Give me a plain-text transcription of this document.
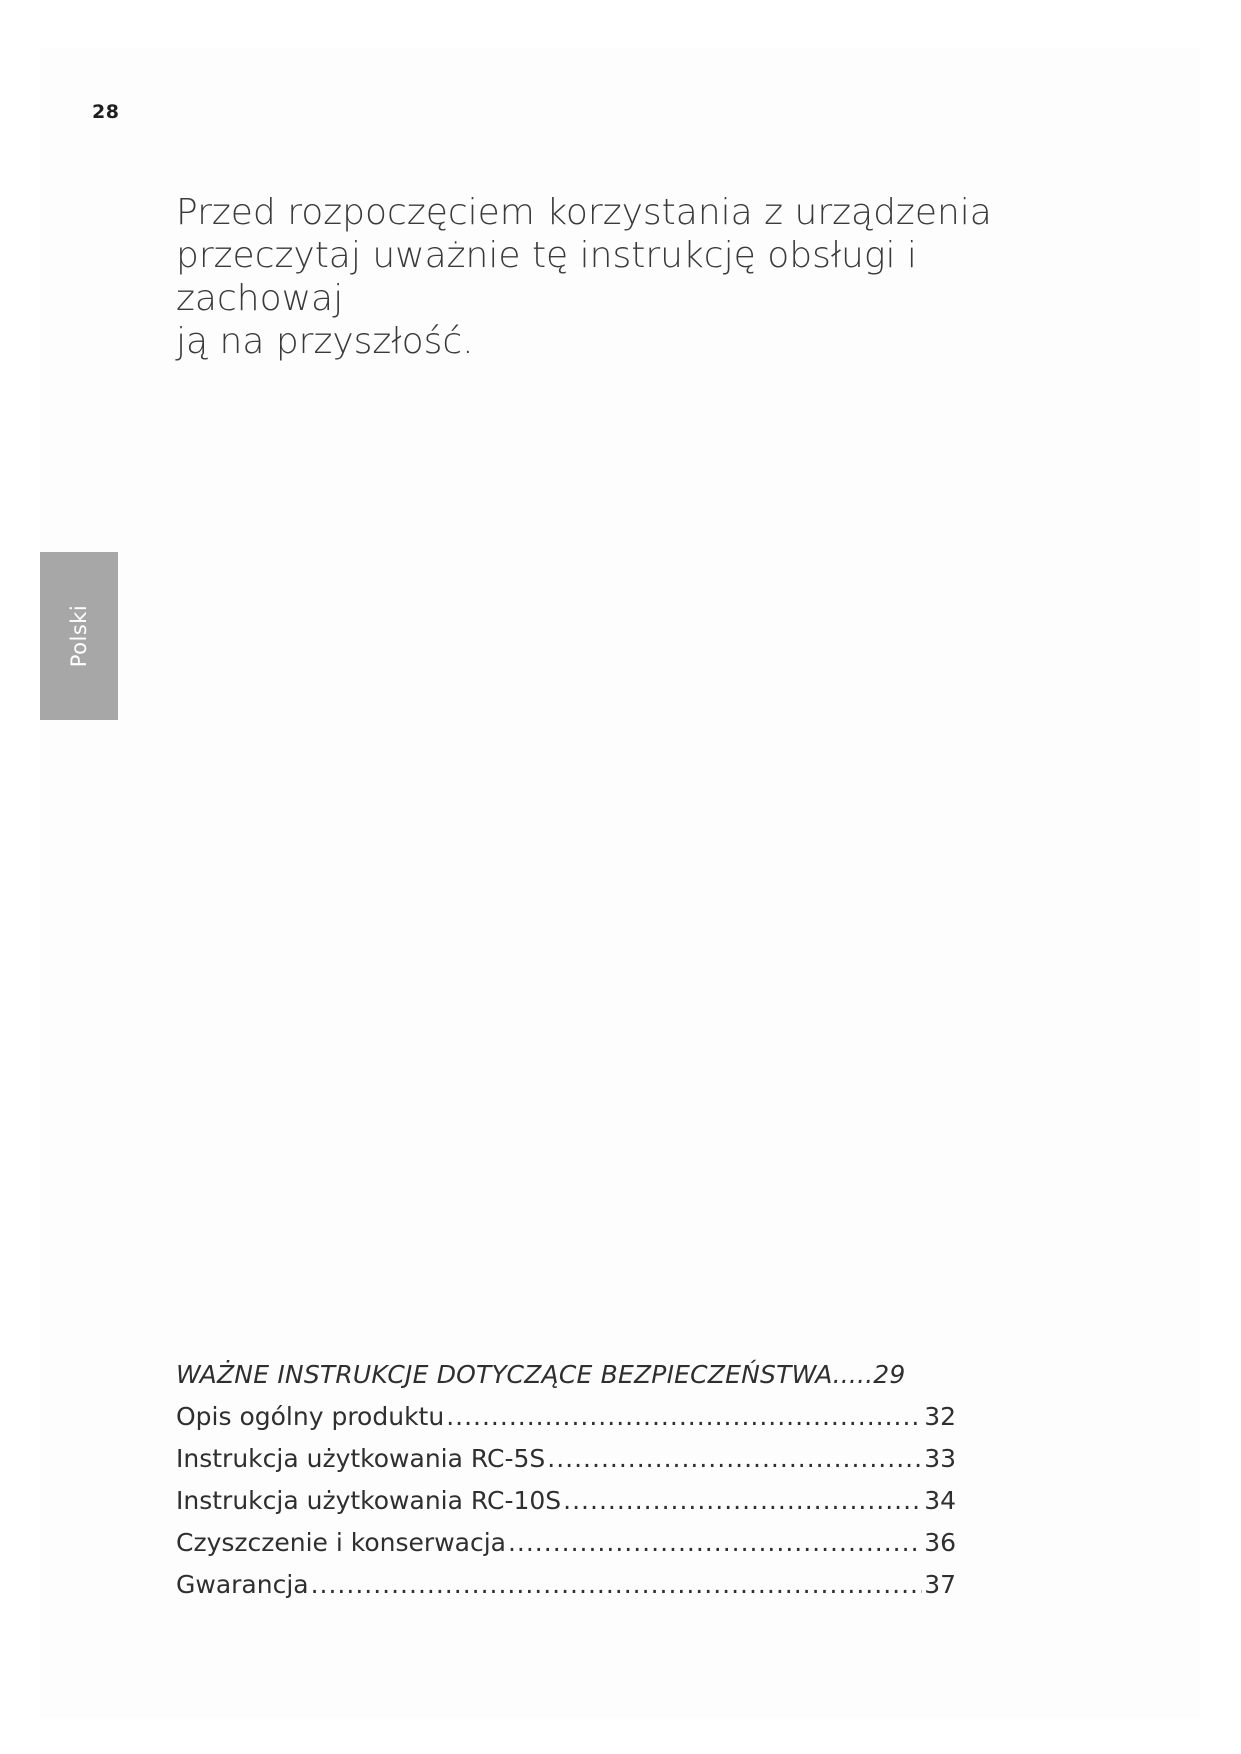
28

Przed rozpoczęciem korzystania z urządzenia
przeczytaj uważnie tę instrukcję obsługi i zachowaj
ją na przyszłość.

Polski
WAŻNE INSTRUKCJE DOTYCZĄCE BEZPIECZEŃSTWA	..... 29
Opis ogólny produktu .....	32
Instrukcja użytkowania RC-5S .....	33
Instrukcja użytkowania RC-10S .....	34
Czyszczenie i konserwacja .....	36
Gwarancja .....	37
